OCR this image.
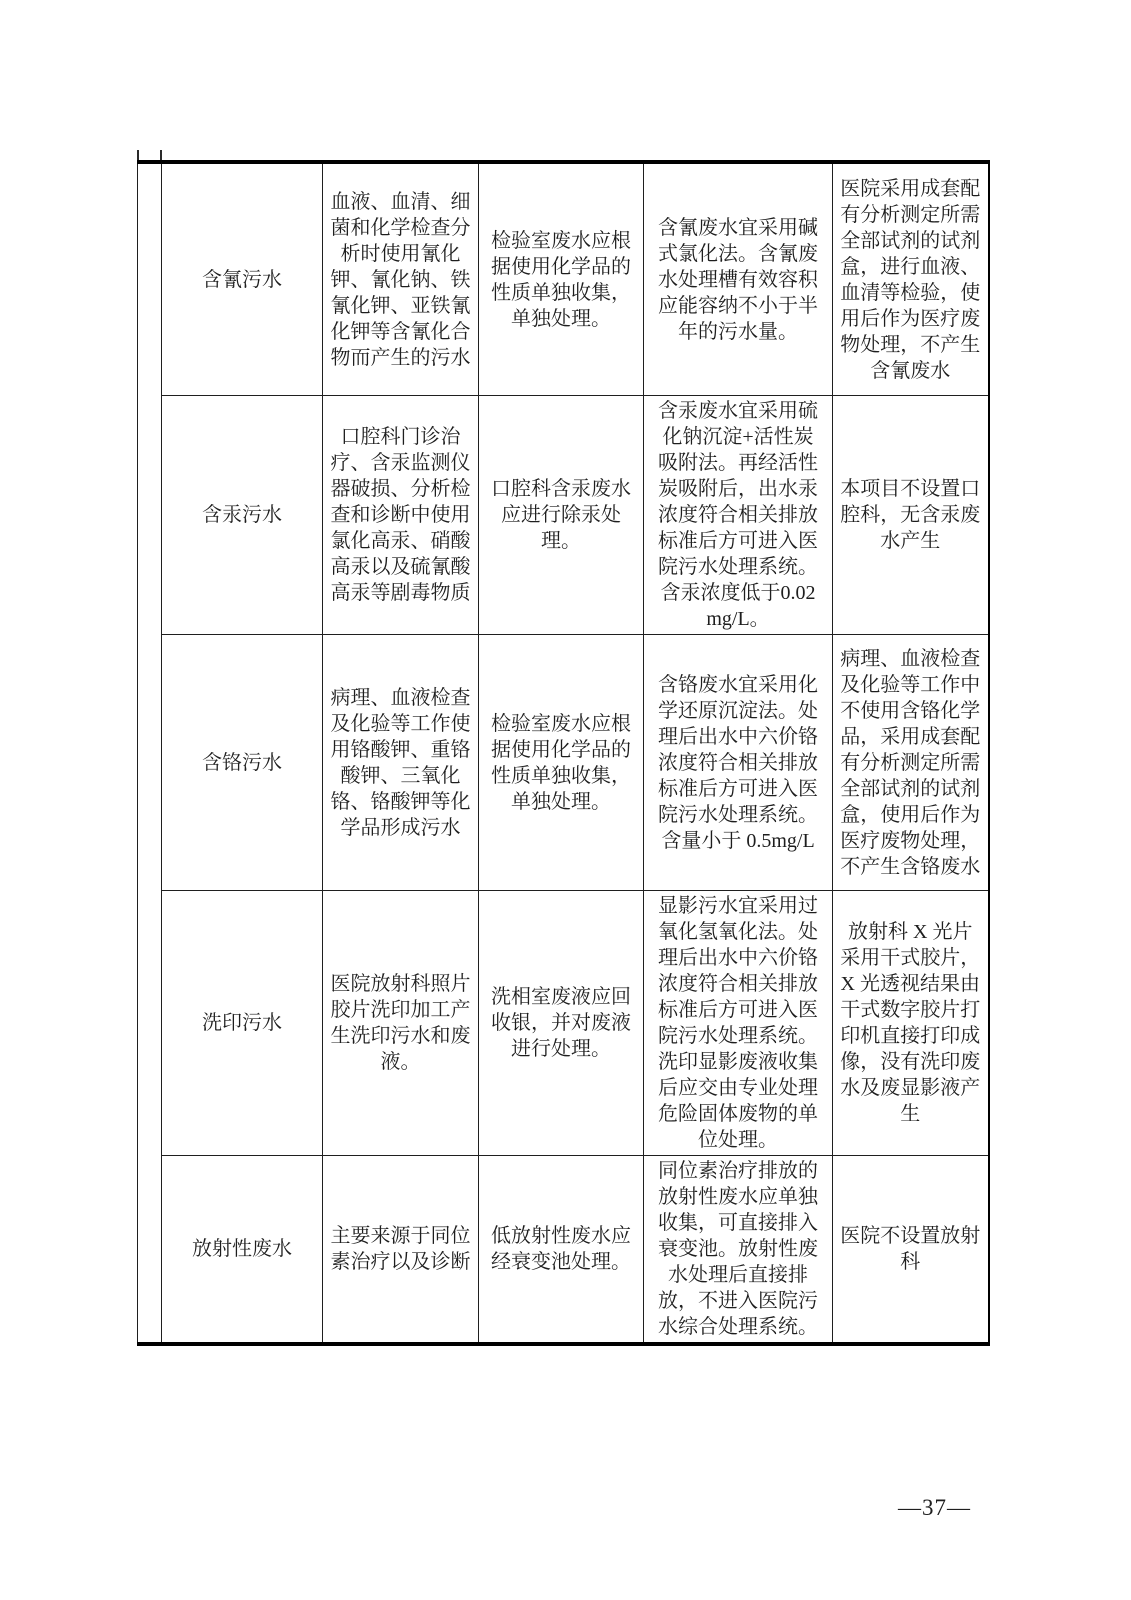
	含氰污水	血液、血清、细菌和化学检查分析时使用氰化钾、氰化钠、铁氰化钾、亚铁氰化钾等含氰化合物而产生的污水	检验室废水应根据使用化学品的性质单独收集，单独处理。	含氰废水宜采用碱式氯化法。含氰废水处理槽有效容积应能容纳不小于半年的污水量。	医院采用成套配有分析测定所需全部试剂的试剂盒，进行血液、血清等检验，使用后作为医疗废物处理，不产生含氰废水
	含汞污水	口腔科门诊治疗、含汞监测仪器破损、分析检查和诊断中使用氯化高汞、硝酸高汞以及硫氰酸高汞等剧毒物质	口腔科含汞废水应进行除汞处理。	含汞废水宜采用硫化钠沉淀+活性炭吸附法。再经活性炭吸附后，出水汞浓度符合相关排放标准后方可进入医院污水处理系统。含汞浓度低于0.02mg/L。	本项目不设置口腔科，无含汞废水产生
	含铬污水	病理、血液检查及化验等工作使用铬酸钾、重铬酸钾、三氧化铬、铬酸钾等化学品形成污水	检验室废水应根据使用化学品的性质单独收集，单独处理。	含铬废水宜采用化学还原沉淀法。处理后出水中六价铬浓度符合相关排放标准后方可进入医院污水处理系统。含量小于 0.5mg/L	病理、血液检查及化验等工作中不使用含铬化学品，采用成套配有分析测定所需全部试剂的试剂盒，使用后作为医疗废物处理，不产生含铬废水
	洗印污水	医院放射科照片胶片洗印加工产生洗印污水和废液。	洗相室废液应回收银，并对废液进行处理。	显影污水宜采用过氧化氢氧化法。处理后出水中六价铬浓度符合相关排放标准后方可进入医院污水处理系统。洗印显影废液收集后应交由专业处理危险固体废物的单位处理。	放射科 X 光片采用干式胶片，X 光透视结果由干式数字胶片打印机直接打印成像，没有洗印废水及废显影液产生
	放射性废水	主要来源于同位素治疗以及诊断	低放射性废水应经衰变池处理。	同位素治疗排放的放射性废水应单独收集，可直接排入衰变池。放射性废水处理后直接排放，不进入医院污水综合处理系统。	医院不设置放射科
—37—
